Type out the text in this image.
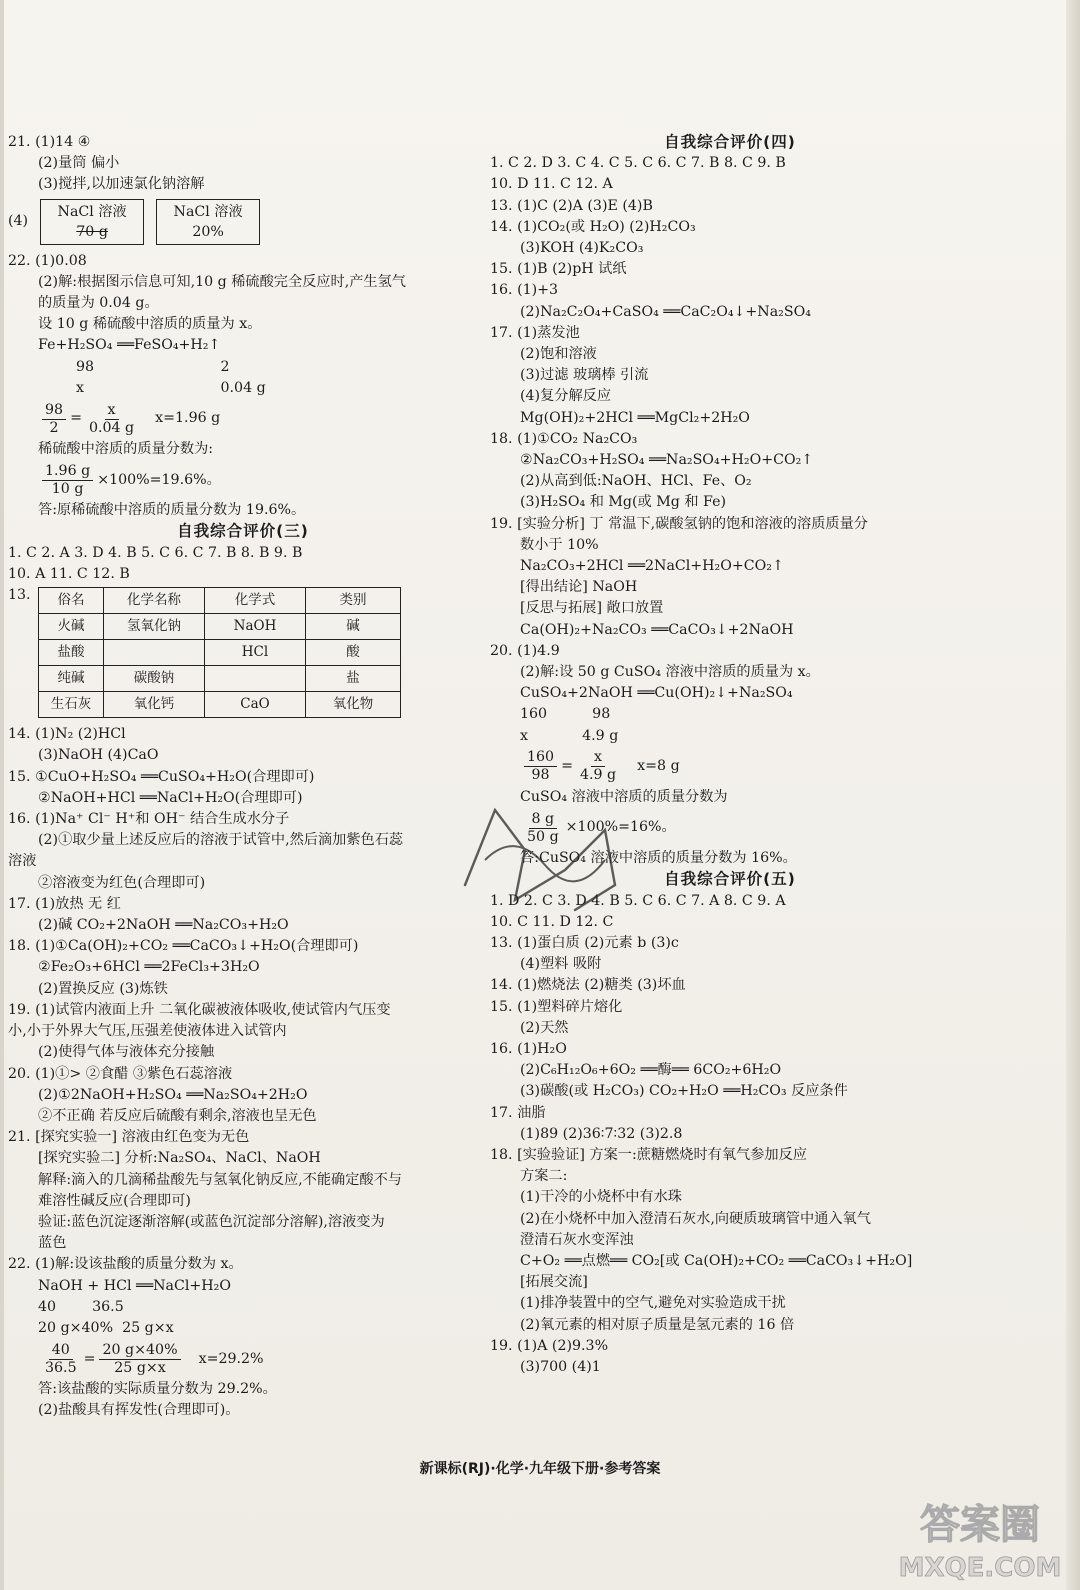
21. (1)14 ④
(2)量筒 偏小
(3)搅拌,以加速氯化钠溶解
(4)
NaCl 溶液
70 g
NaCl 溶液
20%
22. (1)0.08
(2)解:根据图示信息可知,10 g 稀硫酸完全反应时,产生氢气
的质量为 0.04 g。
设 10 g 稀硫酸中溶质的质量为 x。
Fe+H₂SO₄ ══FeSO₄+H₂↑
98	2
x	0.04 g
$\frac{98}{2} = \frac{x}{0.04 g} x=1.96$ g
稀硫酸中溶质的质量分数为:
$\frac{1.96 g}{10 g} \times 100\%=19.6\%$。
答:原稀硫酸中溶质的质量分数为 19.6%。
自我综合评价(三)
1. C 2. A 3. D 4. B 5. C 6. C 7. B 8. B 9. B
10. A 11. C 12. B
13.	俗名	化学名称	化学式	类别
火碱	氢氧化钠	NaOH	碱
盐酸		HCl	酸
纯碱	碳酸钠		盐
生石灰	氧化钙	CaO	氧化物
14. (1)N₂ (2)HCl
(3)NaOH (4)CaO
15. ①CuO+H₂SO₄ ══CuSO₄+H₂O(合理即可)
②NaOH+HCl ══NaCl+H₂O(合理即可)
16. (1)Na⁺ Cl⁻ H⁺和 OH⁻ 结合生成水分子
(2)①取少量上述反应后的溶液于试管中,然后滴加紫色石蕊
溶液
②溶液变为红色(合理即可)
17. (1)放热 无 红
(2)碱 CO₂+2NaOH ══Na₂CO₃+H₂O
18. (1)①Ca(OH)₂+CO₂ ══CaCO₃↓+H₂O(合理即可)
②Fe₂O₃+6HCl ══2FeCl₃+3H₂O
(2)置换反应 (3)炼铁
19. (1)试管内液面上升 二氧化碳被液体吸收,使试管内气压变
小,小于外界大气压,压强差使液体进入试管内
(2)使得气体与液体充分接触
20. (1)①> ②食醋 ③紫色石蕊溶液
(2)①2NaOH+H₂SO₄ ══Na₂SO₄+2H₂O
②不正确 若反应后硫酸有剩余,溶液也呈无色
21. [探究实验一] 溶液由红色变为无色
[探究实验二] 分析:Na₂SO₄、NaCl、NaOH
解释:滴入的几滴稀盐酸先与氢氧化钠反应,不能确定酸不与
难溶性碱反应(合理即可)
验证:蓝色沉淀逐渐溶解(或蓝色沉淀部分溶解),溶液变为
蓝色
22. (1)解:设该盐酸的质量分数为 x。
NaOH + HCl ══NaCl+H₂O
40        36.5
20 g×40%  25 g×x
$\frac{40}{36.5} = \frac{20 g\times 40\%}{25 g\times x} x=29.2\%$
答:该盐酸的实际质量分数为 29.2%。
(2)盐酸具有挥发性(合理即可)。
自我综合评价(四)
1. C 2. D 3. C 4. C 5. C 6. C 7. B 8. C 9. B
10. D 11. C 12. A
13. (1)C (2)A (3)E (4)B
14. (1)CO₂(或 H₂O) (2)H₂CO₃
(3)KOH (4)K₂CO₃
15. (1)B (2)pH 试纸
16. (1)+3
(2)Na₂C₂O₄+CaSO₄ ══CaC₂O₄↓+Na₂SO₄
17. (1)蒸发池
(2)饱和溶液
(3)过滤 玻璃棒 引流
(4)复分解反应
Mg(OH)₂+2HCl ══MgCl₂+2H₂O
18. (1)①CO₂ Na₂CO₃
②Na₂CO₃+H₂SO₄ ══Na₂SO₄+H₂O+CO₂↑
(2)从高到低:NaOH、HCl、Fe、O₂
(3)H₂SO₄ 和 Mg(或 Mg 和 Fe)
19. [实验分析] 丁 常温下,碳酸氢钠的饱和溶液的溶质质量分
数小于 10%
Na₂CO₃+2HCl ══2NaCl+H₂O+CO₂↑
[得出结论] NaOH
[反思与拓展] 敞口放置
Ca(OH)₂+Na₂CO₃ ══CaCO₃↓+2NaOH
20. (1)4.9
(2)解:设 50 g CuSO₄ 溶液中溶质的质量为 x。
CuSO₄+2NaOH ══Cu(OH)₂↓+Na₂SO₄
160          98
x            4.9 g
$\frac{160}{98} = \frac{x}{4.9 g} x=8$ g
CuSO₄ 溶液中溶质的质量分数为
$\frac{8 g}{50 g} \times 100\%=16\%$。
答:CuSO₄ 溶液中溶质的质量分数为 16%。
自我综合评价(五)
1. D 2. C 3. D 4. B 5. C 6. C 7. A 8. C 9. A
10. C 11. D 12. C
13. (1)蛋白质 (2)元素 b (3)c
(4)塑料 吸附
14. (1)燃烧法 (2)糖类 (3)坏血
15. (1)塑料碎片熔化
(2)天然
16. (1)H₂O
(2)C₆H₁₂O₆+6O₂ ══酶══ 6CO₂+6H₂O
(3)碳酸(或 H₂CO₃) CO₂+H₂O ══H₂CO₃ 反应条件
17. 油脂
(1)89 (2)36∶7∶32 (3)2.8
18. [实验验证] 方案一:蔗糖燃烧时有氧气参加反应
方案二:
(1)干冷的小烧杯中有水珠
(2)在小烧杯中加入澄清石灰水,向硬质玻璃管中通入氧气
澄清石灰水变浑浊
C+O₂ ══点燃══ CO₂[或 Ca(OH)₂+CO₂ ══CaCO₃↓+H₂O]
[拓展交流]
(1)排净装置中的空气,避免对实验造成干扰
(2)氧元素的相对原子质量是氢元素的 16 倍
19. (1)A (2)9.3%
(3)700 (4)1
新课标(RJ)·化学·九年级下册·参考答案
答案圈
MXQE.COM
